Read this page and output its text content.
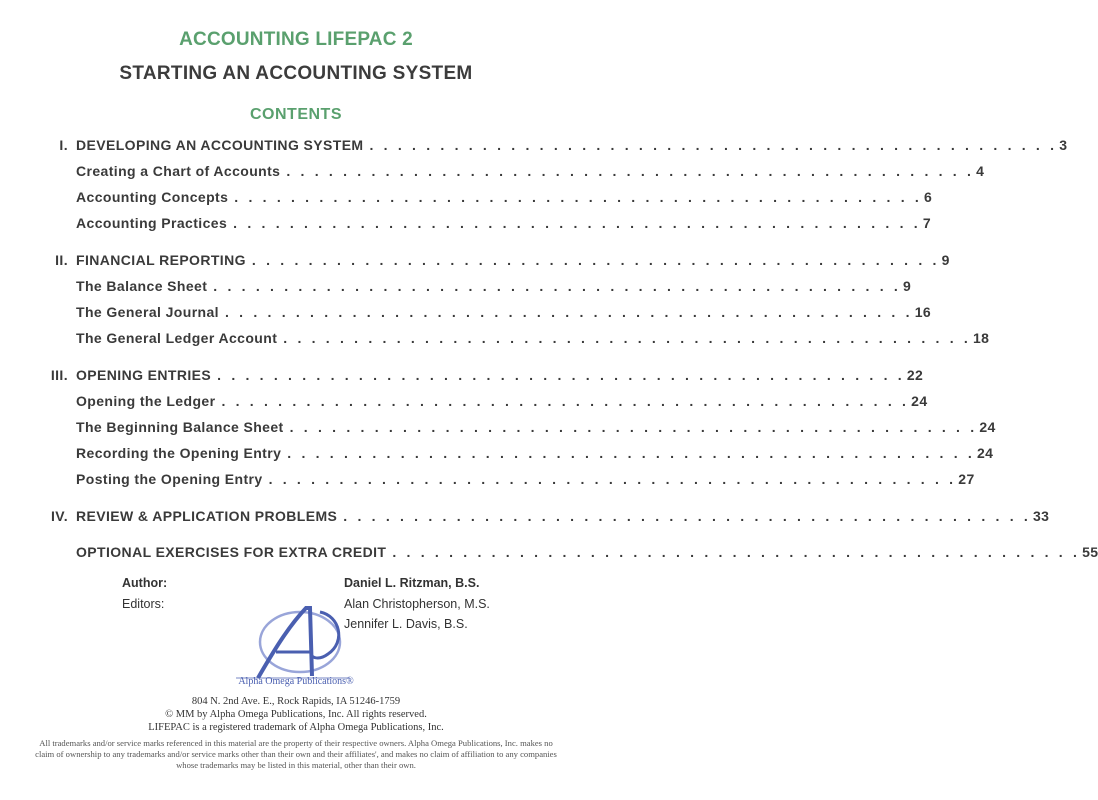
ACCOUNTING LIFEPAC 2
STARTING AN ACCOUNTING SYSTEM
CONTENTS
I. DEVELOPING AN ACCOUNTING SYSTEM . . . . . . . . . . . . . . . . . . . . . . . . . . . . . . . . . . . . . . . . . . . . . . . . . 3
Creating a Chart of Accounts . . . . . . . . . . . . . . . . . . . . . . . . . . . . . . . . . . . . . . . . . . . . . . . . . 4
Accounting Concepts . . . . . . . . . . . . . . . . . . . . . . . . . . . . . . . . . . . . . . . . . . . . . . . . . 6
Accounting Practices . . . . . . . . . . . . . . . . . . . . . . . . . . . . . . . . . . . . . . . . . . . . . . . . . 7
II. FINANCIAL REPORTING . . . . . . . . . . . . . . . . . . . . . . . . . . . . . . . . . . . . . . . . . . . . . . . . . 9
The Balance Sheet . . . . . . . . . . . . . . . . . . . . . . . . . . . . . . . . . . . . . . . . . . . . . . . . . 9
The General Journal . . . . . . . . . . . . . . . . . . . . . . . . . . . . . . . . . . . . . . . . . . . . . . . . . 16
The General Ledger Account . . . . . . . . . . . . . . . . . . . . . . . . . . . . . . . . . . . . . . . . . . . . . . . . . 18
III. OPENING ENTRIES . . . . . . . . . . . . . . . . . . . . . . . . . . . . . . . . . . . . . . . . . . . . . . . . . 22
Opening the Ledger . . . . . . . . . . . . . . . . . . . . . . . . . . . . . . . . . . . . . . . . . . . . . . . . . 24
The Beginning Balance Sheet . . . . . . . . . . . . . . . . . . . . . . . . . . . . . . . . . . . . . . . . . . . . . . . . . 24
Recording the Opening Entry . . . . . . . . . . . . . . . . . . . . . . . . . . . . . . . . . . . . . . . . . . . . . . . . . 24
Posting the Opening Entry . . . . . . . . . . . . . . . . . . . . . . . . . . . . . . . . . . . . . . . . . . . . . . . . . 27
IV. REVIEW & APPLICATION PROBLEMS . . . . . . . . . . . . . . . . . . . . . . . . . . . . . . . . . . . . . . . . . . . . . . . . . 33
OPTIONAL EXERCISES FOR EXTRA CREDIT . . . . . . . . . . . . . . . . . . . . . . . . . . . . . . . . . . . . . . . . . . . . . . . . . 55
Author:	Daniel L. Ritzman, B.S.
Editors:	Alan Christopherson, M.S.
Jennifer L. Davis, B.S.
Alpha Omega Publications®
804 N. 2nd Ave. E., Rock Rapids, IA 51246-1759
© MM by Alpha Omega Publications, Inc. All rights reserved.
LIFEPAC is a registered trademark of Alpha Omega Publications, Inc.
All trademarks and/or service marks referenced in this material are the property of their respective owners. Alpha Omega Publications, Inc. makes no claim of ownership to any trademarks and/or service marks other than their own and their affiliates', and makes no claim of affiliation to any companies whose trademarks may be listed in this material, other than their own.
